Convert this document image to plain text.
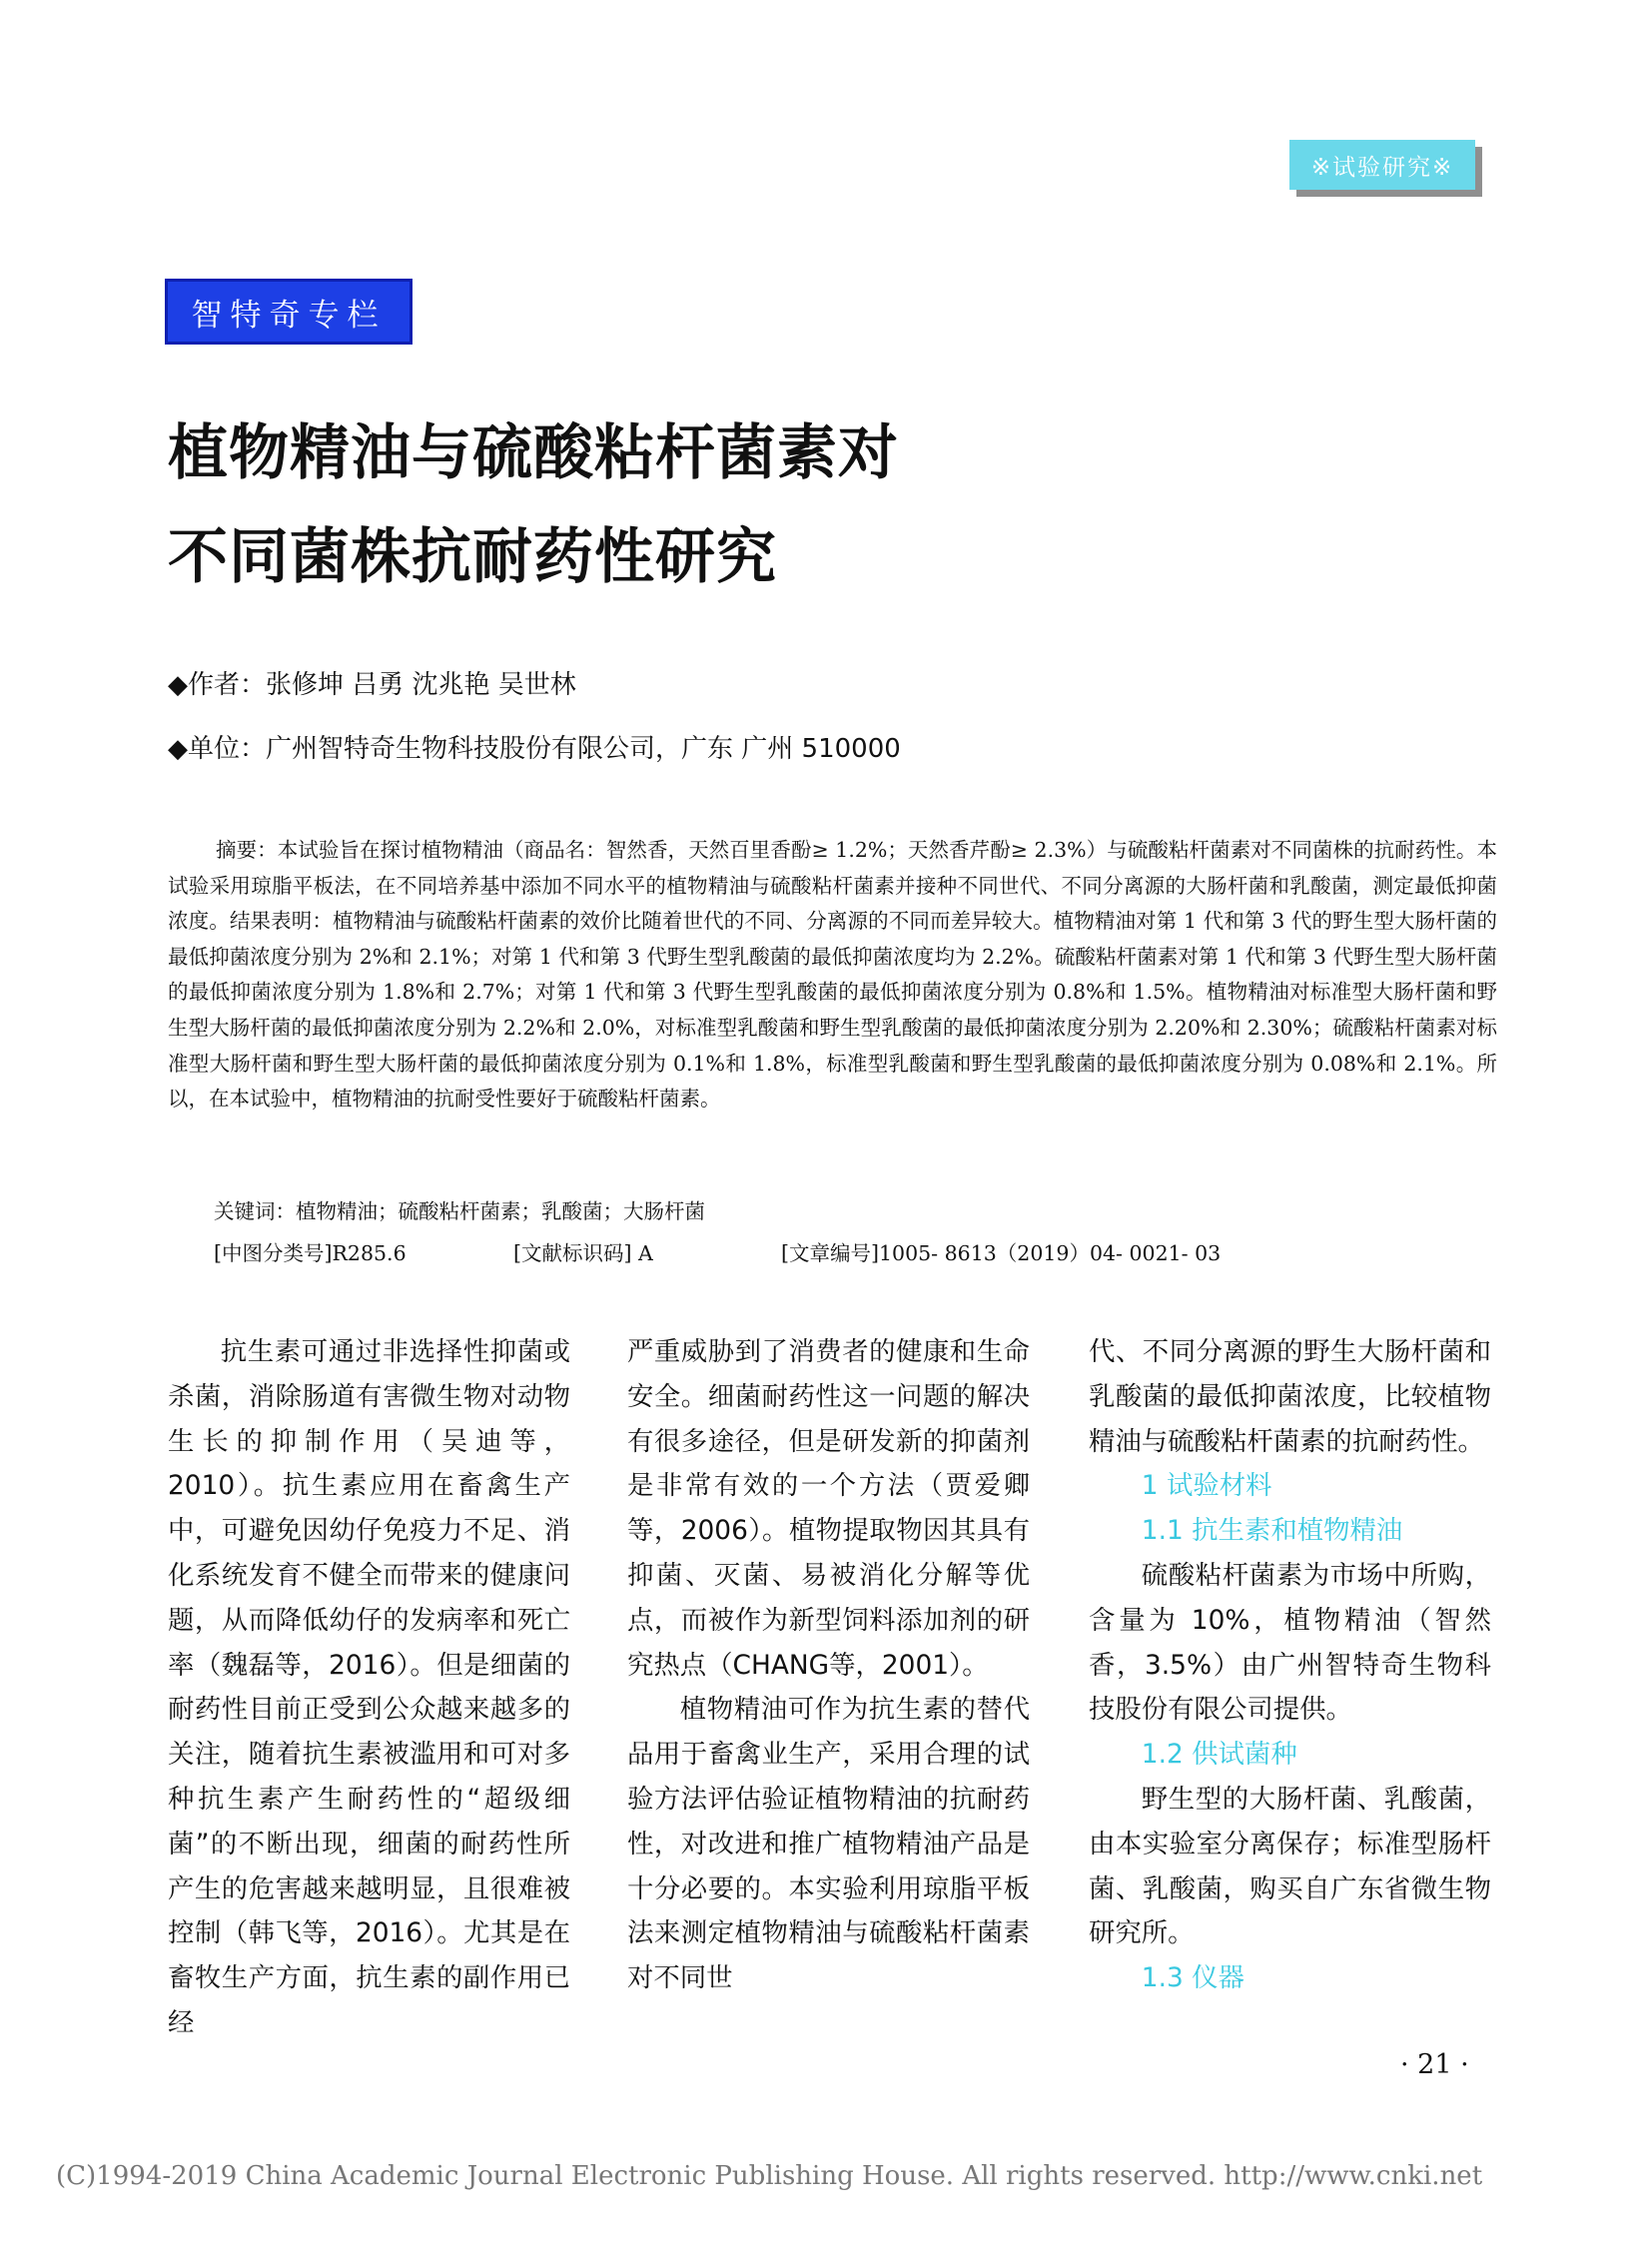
※试验研究※
智特奇专栏
植物精油与硫酸粘杆菌素对
不同菌株抗耐药性研究
◆作者：张修坤 吕勇 沈兆艳 吴世林
◆单位：广州智特奇生物科技股份有限公司，广东 广州 510000
摘要：本试验旨在探讨植物精油（商品名：智然香，天然百里香酚≥ 1.2%；天然香芹酚≥ 2.3%）与硫酸粘杆菌素对不同菌株的抗耐药性。本试验采用琼脂平板法，在不同培养基中添加不同水平的植物精油与硫酸粘杆菌素并接种不同世代、不同分离源的大肠杆菌和乳酸菌，测定最低抑菌浓度。结果表明：植物精油与硫酸粘杆菌素的效价比随着世代的不同、分离源的不同而差异较大。植物精油对第 1 代和第 3 代的野生型大肠杆菌的最低抑菌浓度分别为 2%和 2.1%；对第 1 代和第 3 代野生型乳酸菌的最低抑菌浓度均为 2.2%。硫酸粘杆菌素对第 1 代和第 3 代野生型大肠杆菌的最低抑菌浓度分别为 1.8%和 2.7%；对第 1 代和第 3 代野生型乳酸菌的最低抑菌浓度分别为 0.8%和 1.5%。植物精油对标准型大肠杆菌和野生型大肠杆菌的最低抑菌浓度分别为 2.2%和 2.0%，对标准型乳酸菌和野生型乳酸菌的最低抑菌浓度分别为 2.20%和 2.30%；硫酸粘杆菌素对标准型大肠杆菌和野生型大肠杆菌的最低抑菌浓度分别为 0.1%和 1.8%，标准型乳酸菌和野生型乳酸菌的最低抑菌浓度分别为 0.08%和 2.1%。所以，在本试验中，植物精油的抗耐受性要好于硫酸粘杆菌素。
关键词：植物精油；硫酸粘杆菌素；乳酸菌；大肠杆菌
[中图分类号]R285.6	[文献标识码] A	[文章编号]1005- 8613（2019）04- 0021- 03

抗生素可通过非选择性抑菌或杀菌，消除肠道有害微生物对动物生长的抑制作用（吴迪等，2010）。抗生素应用在畜禽生产中，可避免因幼仔免疫力不足、消化系统发育不健全而带来的健康问题，从而降低幼仔的发病率和死亡率（魏磊等，2016）。但是细菌的耐药性目前正受到公众越来越多的关注，随着抗生素被滥用和可对多种抗生素产生耐药性的“超级细菌”的不断出现，细菌的耐药性所产生的危害越来越明显，且很难被控制（韩飞等，2016）。尤其是在畜牧生产方面，抗生素的副作用已经

严重威胁到了消费者的健康和生命安全。细菌耐药性这一问题的解决有很多途径，但是研发新的抑菌剂是非常有效的一个方法（贾爱卿等，2006）。植物提取物因其具有抑菌、灭菌、易被消化分解等优点，而被作为新型饲料添加剂的研究热点（CHANG等，2001）。

植物精油可作为抗生素的替代品用于畜禽业生产，采用合理的试验方法评估验证植物精油的抗耐药性，对改进和推广植物精油产品是十分必要的。本实验利用琼脂平板法来测定植物精油与硫酸粘杆菌素对不同世

代、不同分离源的野生大肠杆菌和乳酸菌的最低抑菌浓度，比较植物精油与硫酸粘杆菌素的抗耐药性。

1 试验材料

1.1 抗生素和植物精油

硫酸粘杆菌素为市场中所购，含量为 10%，植物精油（智然香，3.5%）由广州智特奇生物科技股份有限公司提供。

1.2 供试菌种

野生型的大肠杆菌、乳酸菌，由本实验室分离保存；标准型肠杆菌、乳酸菌，购买自广东省微生物研究所。

1.3 仪器

· 21 ·
(C)1994-2019 China Academic Journal Electronic Publishing House. All rights reserved. http://www.cnki.net
